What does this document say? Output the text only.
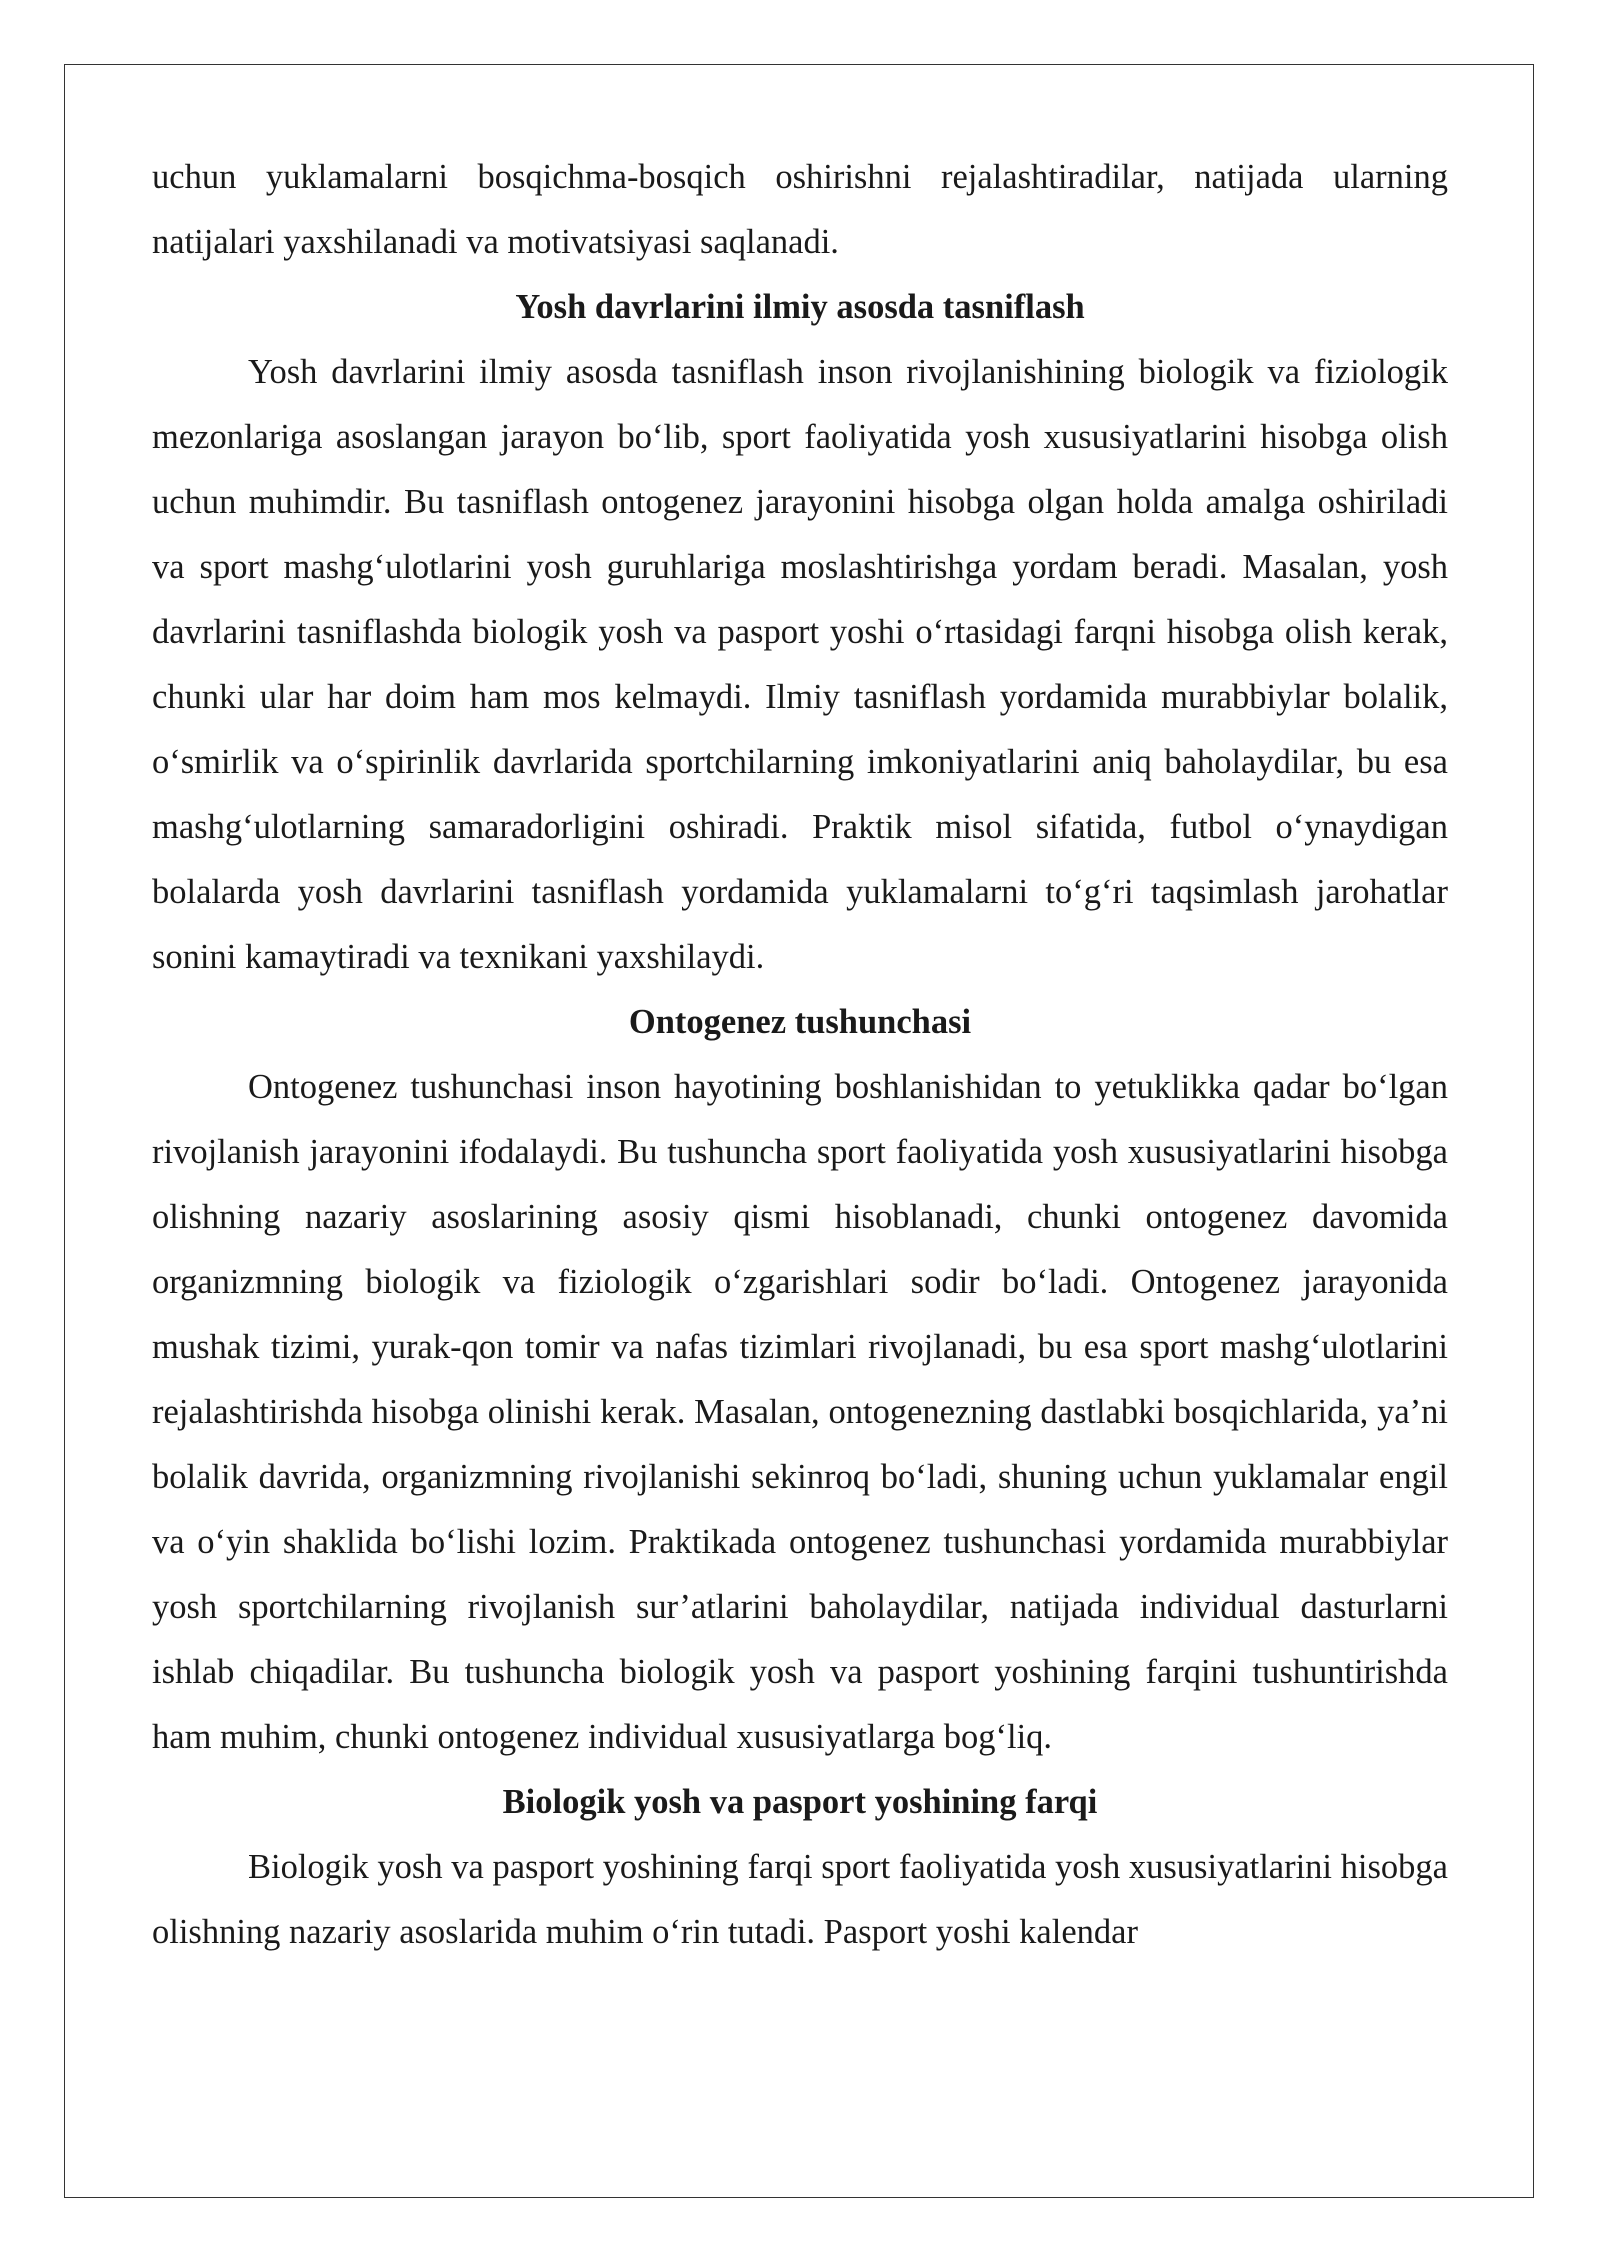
uchun yuklamalarni bosqichma-bosqich oshirishni rejalashtiradilar, natijada ularning natijalari yaxshilanadi va motivatsiyasi saqlanadi.

Yosh davrlarini ilmiy asosda tasniflash

Yosh davrlarini ilmiy asosda tasniflash inson rivojlanishining biologik va fiziologik mezonlariga asoslangan jarayon bo‘lib, sport faoliyatida yosh xususiyatlarini hisobga olish uchun muhimdir. Bu tasniflash ontogenez jarayonini hisobga olgan holda amalga oshiriladi va sport mashg‘ulotlarini yosh guruhlariga moslashtirishga yordam beradi. Masalan, yosh davrlarini tasniflashda biologik yosh va pasport yoshi o‘rtasidagi farqni hisobga olish kerak, chunki ular har doim ham mos kelmaydi. Ilmiy tasniflash yordamida murabbiylar bolalik, o‘smirlik va o‘spirinlik davrlarida sportchilarning imkoniyatlarini aniq baholaydilar, bu esa mashg‘ulotlarning samaradorligini oshiradi. Praktik misol sifatida, futbol o‘ynaydigan bolalarda yosh davrlarini tasniflash yordamida yuklamalarni to‘g‘ri taqsimlash jarohatlar sonini kamaytiradi va texnikani yaxshilaydi.

Ontogenez tushunchasi

Ontogenez tushunchasi inson hayotining boshlanishidan to yetuklikka qadar bo‘lgan rivojlanish jarayonini ifodalaydi. Bu tushuncha sport faoliyatida yosh xususiyatlarini hisobga olishning nazariy asoslarining asosiy qismi hisoblanadi, chunki ontogenez davomida organizmning biologik va fiziologik o‘zgarishlari sodir bo‘ladi. Ontogenez jarayonida mushak tizimi, yurak-qon tomir va nafas tizimlari rivojlanadi, bu esa sport mashg‘ulotlarini rejalashtirishda hisobga olinishi kerak. Masalan, ontogenezning dastlabki bosqichlarida, ya’ni bolalik davrida, organizmning rivojlanishi sekinroq bo‘ladi, shuning uchun yuklamalar engil va o‘yin shaklida bo‘lishi lozim. Praktikada ontogenez tushunchasi yordamida murabbiylar yosh sportchilarning rivojlanish sur’atlarini baholaydilar, natijada individual dasturlarni ishlab chiqadilar. Bu tushuncha biologik yosh va pasport yoshining farqini tushuntirishda ham muhim, chunki ontogenez individual xususiyatlarga bog‘liq.

Biologik yosh va pasport yoshining farqi

Biologik yosh va pasport yoshining farqi sport faoliyatida yosh xususiyatlarini hisobga olishning nazariy asoslarida muhim o‘rin tutadi. Pasport yoshi kalendar
